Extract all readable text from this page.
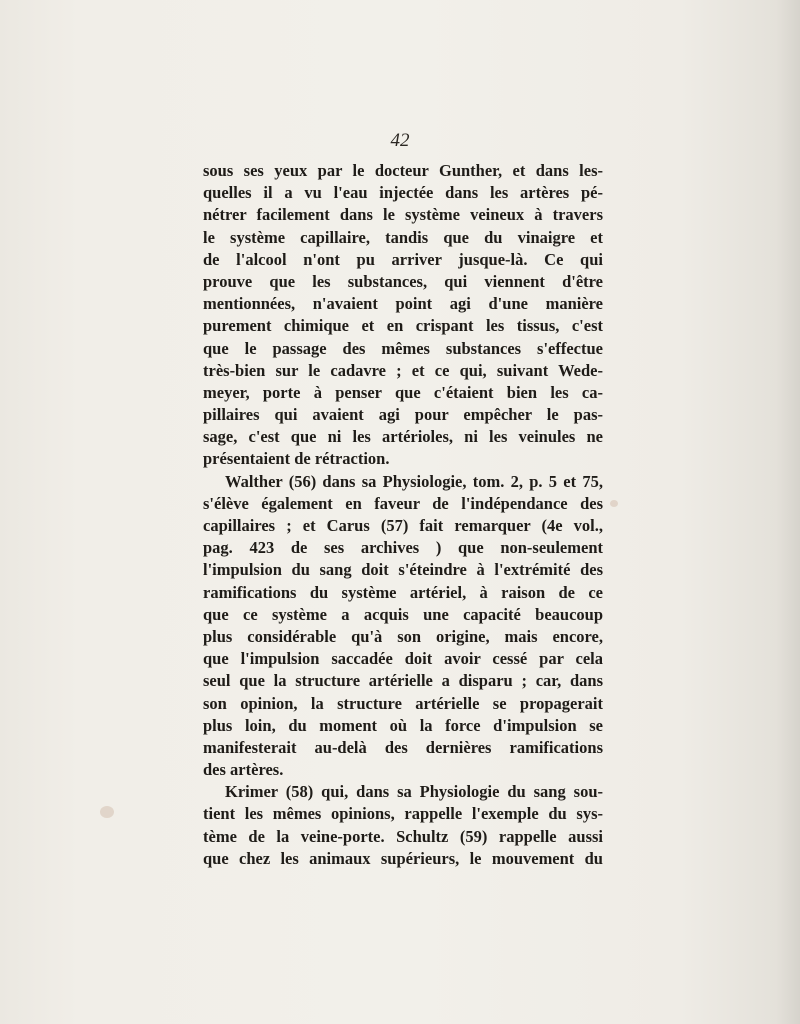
42
sous ses yeux par le docteur Gunther, et dans les-
quelles il a vu l'eau injectée dans les artères pé-
nétrer facilement dans le système veineux à travers
le système capillaire, tandis que du vinaigre et
de l'alcool n'ont pu arriver jusque-là. Ce qui
prouve que les substances, qui viennent d'être
mentionnées, n'avaient point agi d'une manière
purement chimique et en crispant les tissus, c'est
que le passage des mêmes substances s'effectue
très-bien sur le cadavre ; et ce qui, suivant Wede-
meyer, porte à penser que c'étaient bien les ca-
pillaires qui avaient agi pour empêcher le pas-
sage, c'est que ni les artérioles, ni les veinules ne
présentaient de rétraction.
Walther (56) dans sa Physiologie, tom. 2, p. 5 et 75,
s'élève également en faveur de l'indépendance des
capillaires ; et Carus (57) fait remarquer (4e vol.,
pag. 423 de ses archives ) que non-seulement
l'impulsion du sang doit s'éteindre à l'extrémité des
ramifications du système artériel, à raison de ce
que ce système a acquis une capacité beaucoup
plus considérable qu'à son origine, mais encore,
que l'impulsion saccadée doit avoir cessé par cela
seul que la structure artérielle a disparu ; car, dans
son opinion, la structure artérielle se propagerait
plus loin, du moment où la force d'impulsion se
manifesterait au-delà des dernières ramifications
des artères.
Krimer (58) qui, dans sa Physiologie du sang sou-
tient les mêmes opinions, rappelle l'exemple du sys-
tème de la veine-porte. Schultz (59) rappelle aussi
que chez les animaux supérieurs, le mouvement du
